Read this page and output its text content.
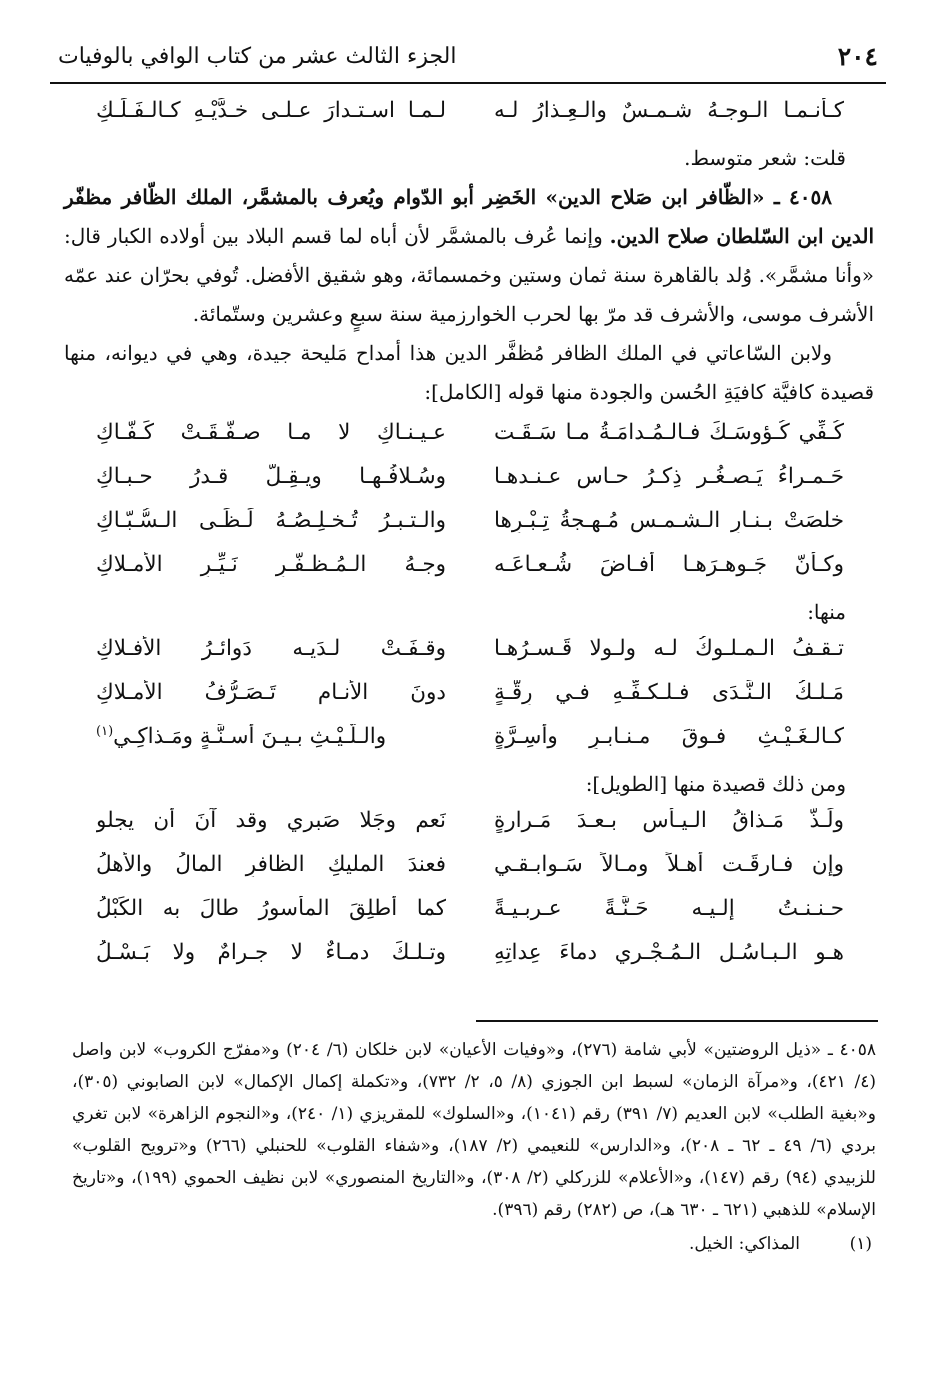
٢٠٤
الجزء الثالث عشر من كتاب الوافي بالوفيات
كـأنـمـا الـوجـهُ شـمـسٌ والـعِـذارُ لـه
لـمـا اسـتـدارَ عـلـى خـدَّيْـهِ كـالـفَـلَـكِ
قلت: شعر متوسط.

٤٠٥٨ ـ «الظّافر ابن صَلاح الدين» الخَضِر أبو الدّوام ويُعرف بالمشمَّر، الملك الظّافر مظفّر الدين ابن السّلطان صلاح الدين. وإنما عُرف بالمشمَّر لأن أباه لما قسم البلاد بين أولاده الكبار قال: «وأنا مشمَّر». وُلد بالقاهرة سنة ثمان وستين وخمسمائة، وهو شقيق الأفضل. تُوفي بحرّان عند عمّه الأشرف موسى، والأشرف قد مرّ بها لحرب الخوارزمية سنة سبعٍ وعشرين وستّمائة.

ولابن السّاعاتي في الملك الظافر مُظفَّر الدين هذا أمداح مَليحة جيدة، وهي في ديوانه، منها قصيدة كافيَّة كافيَةِ الحُسن والجودة منها قوله [الكامل]:

كُـفِّي كُـؤوسَـكَ فـالـمُـدامَـةُ مـا سَـقَـت
عـيـنـاكِ لا مـا صـفَّـقَـتْ كَـفّـاكِ
حَـمـراءُ يَـصـغُـر ذِكـرُ حـاسٍ عـنـدهـا
وسُـلافُـهـا ويـقِـلُّ قـدرُ حـبـاكِ
خلصَتْ بـنـارِ الـشـمـسِ مُـهـجةُ تِـبْـرِها
والـتـبـرُ تُـخـلِـصُـهُ لَـظَـى الـسُّـبّـاكِ
وكـأنّ جَـوهـرَهـا أفـاضَ شُـعـاعَـه
وجـهُ الـمُـظـفَّـرِ نَـيِّـرِ الأمـلاكِ
منها:
تـقـفُ الـمـلـوكُ لـه ولـولا قَـسـرُهـا
وقـفَـتْ لـدَيـه دَوائـرُ الأفـلاكِ
مَـلـكُ الـنَّـدَى فـلـكـفِّـهِ فـي رِقَّـةٍ
دونَ الأنـامِ تَـصَـرُّفُ الأمـلاكِ
كـالـغَـيْـثِ فـوقَ مـنـابـرٍ وأسِـرَّةٍ
والـلَّـيْـثِ بـيـنَ أسـنَّـةٍ ومَـذاكِـي$^{(١)}$
ومن ذلك قصيدة منها [الطويل]:
ولَـذَّ مَـذاقُ الـيـأسِ بـعـدَ مَـرارةٍ
نَعم وجَلا صَبري وقد آنَ أن يجلو
وإن فـارقَـت أهـلاً ومـالاً سَـوابـقـي
فعندَ المليكِ الظافرِ المالُ والأهلُ
حـنـنـتُ إلـيـه حَـنَّـةً عـربـيـةً
كما أُطلِقَ المأسورُ طالَ به الكَبْلُ
هـو الـبـاسُـل الـمُـجْـري دماءَ عِداتِهِ
وتـلـكَ دمـاءٌ لا جـرامٌ ولا بَـسْـلُ

٤٠٥٨ ـ «ذيل الروضتين» لأبي شامة (٢٧٦)، و«وفيات الأعيان» لابن خلكان (٦/ ٢٠٤) و«مفرّج الكروب» لابن واصل (٤/ ٤٢١)، و«مرآة الزمان» لسبط ابن الجوزي (٨/ ٥، ٢/ ٧٣٢)، و«تكملة إكمال الإكمال» لابن الصابوني (٣٠٥)، و«بغية الطلب» لابن العديم (٧/ ٣٩١) رقم (١٠٤١)، و«السلوك» للمقريزي (١/ ٢٤٠)، و«النجوم الزاهرة» لابن تغري بردي (٦/ ٤٩ ـ ٦٢ ـ ٢٠٨)، و«الدارس» للنعيمي (٢/ ١٨٧)، و«شفاء القلوب» للحنبلي (٢٦٦) و«ترويح القلوب» للزبيدي (٩٤) رقم (١٤٧)، و«الأعلام» للزركلي (٢/ ٣٠٨)، و«التاريخ المنصوري» لابن نظيف الحموي (١٩٩)، و«تاريخ الإسلام» للذهبي (٦٢١ ـ ٦٣٠ هـ)، ص (٢٨٢) رقم (٣٩٦).

(١)
المذاكي: الخيل.
